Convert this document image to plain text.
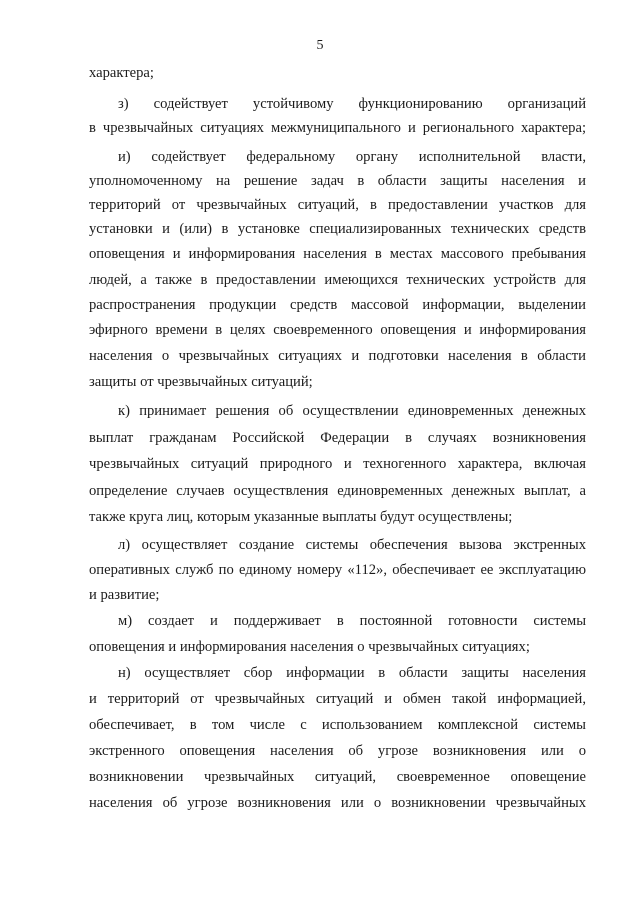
5
характера;
з) содействует устойчивому функционированию организаций
в чрезвычайных ситуациях межмуниципального и регионального характера;
и) содействует федеральному органу исполнительной власти,
уполномоченному на решение задач в области защиты населения и
территорий от чрезвычайных ситуаций, в предоставлении участков для
установки и (или) в установке специализированных технических средств
оповещения и информирования населения в местах массового пребывания
людей, а также в предоставлении имеющихся технических устройств для
распространения продукции средств массовой информации, выделении
эфирного времени в целях своевременного оповещения и информирования
населения о чрезвычайных ситуациях и подготовки населения в области
защиты от чрезвычайных ситуаций;
к) принимает решения об осуществлении единовременных денежных
выплат гражданам Российской Федерации в случаях возникновения
чрезвычайных ситуаций природного и техногенного характера, включая
определение случаев осуществления единовременных денежных выплат, а
также круга лиц, которым указанные выплаты будут осуществлены;
л) осуществляет создание системы обеспечения вызова экстренных
оперативных служб по единому номеру «112», обеспечивает ее эксплуатацию
и развитие;
м) создает и поддерживает в постоянной готовности системы
оповещения и информирования населения о чрезвычайных ситуациях;
н) осуществляет сбор информации в области защиты населения
и территорий от чрезвычайных ситуаций и обмен такой информацией,
обеспечивает, в том числе с использованием комплексной системы
экстренного оповещения населения об угрозе возникновения или о
возникновении чрезвычайных ситуаций, своевременное оповещение
населения об угрозе возникновения или о возникновении чрезвычайных
